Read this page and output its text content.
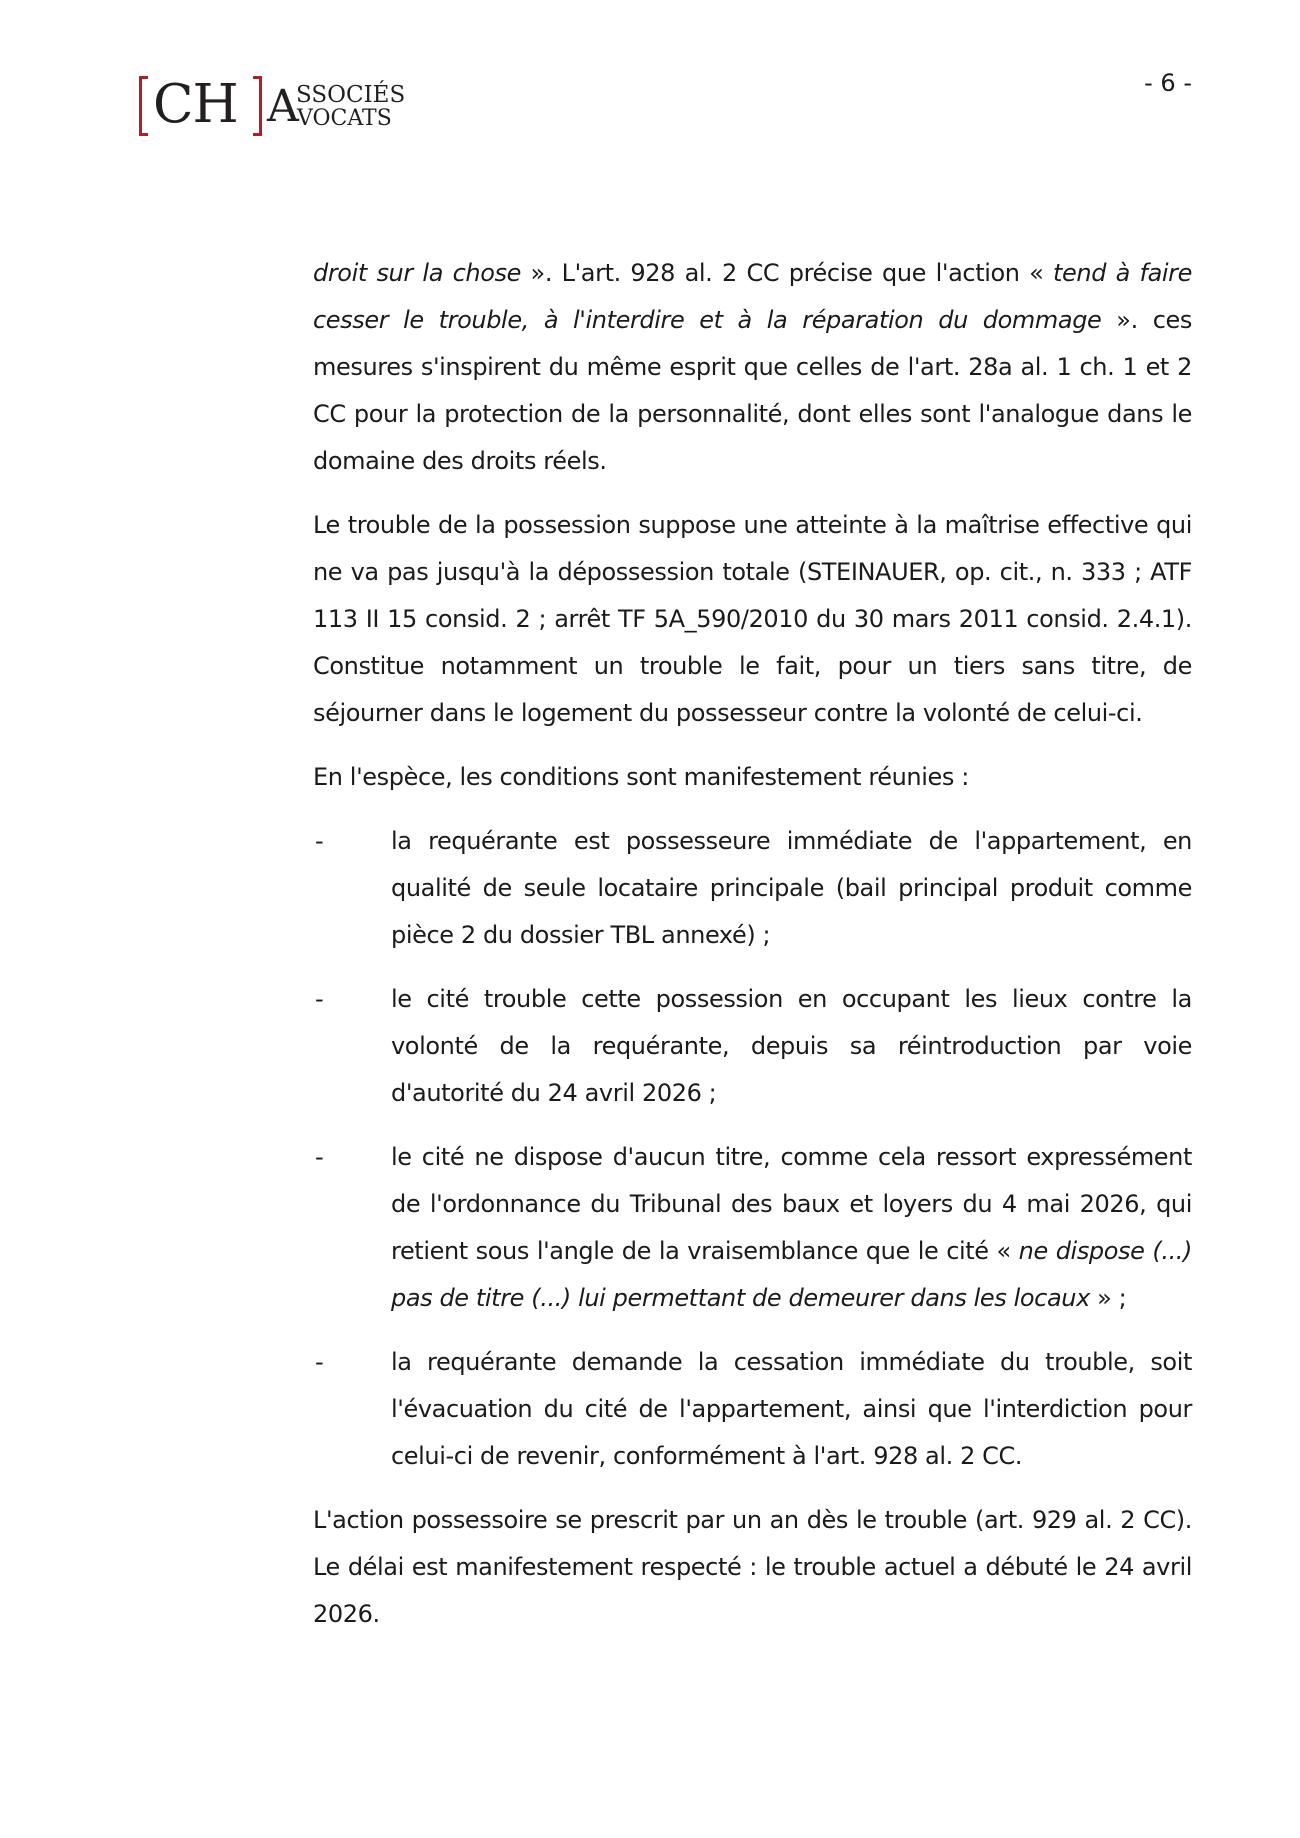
CH A
SSOCIÉS
VOCATS
- 6 -

droit sur la chose ». L'art. 928 al. 2 CC précise que l'action « tend à faire cesser le trouble, à l'interdire et à la réparation du dommage ». ces mesures s'inspirent du même esprit que celles de l'art. 28a al. 1 ch. 1 et 2 CC pour la protection de la personnalité, dont elles sont l'analogue dans le domaine des droits réels.

Le trouble de la possession suppose une atteinte à la maîtrise effective qui ne va pas jusqu'à la dépossession totale (STEINAUER, op. cit., n. 333 ; ATF 113 II 15 consid. 2 ; arrêt TF 5A_590/2010 du 30 mars 2011 consid. 2.4.1). Constitue notamment un trouble le fait, pour un tiers sans titre, de séjourner dans le logement du possesseur contre la volonté de celui-ci.

En l'espèce, les conditions sont manifestement réunies :

-	la requérante est possesseure immédiate de l'appartement, en qualité de seule locataire principale (bail principal produit comme pièce 2 du dossier TBL annexé) ;
-	le cité trouble cette possession en occupant les lieux contre la volonté de la requérante, depuis sa réintroduction par voie d'autorité du 24 avril 2026 ;
-	le cité ne dispose d'aucun titre, comme cela ressort expressément de l'ordonnance du Tribunal des baux et loyers du 4 mai 2026, qui retient sous l'angle de la vraisemblance que le cité « ne dispose (...) pas de titre (...) lui permettant de demeurer dans les locaux » ;
-	la requérante demande la cessation immédiate du trouble, soit l'évacuation du cité de l'appartement, ainsi que l'interdiction pour celui-ci de revenir, conformément à l'art. 928 al. 2 CC.

L'action possessoire se prescrit par un an dès le trouble (art. 929 al. 2 CC). Le délai est manifestement respecté : le trouble actuel a débuté le 24 avril 2026.
